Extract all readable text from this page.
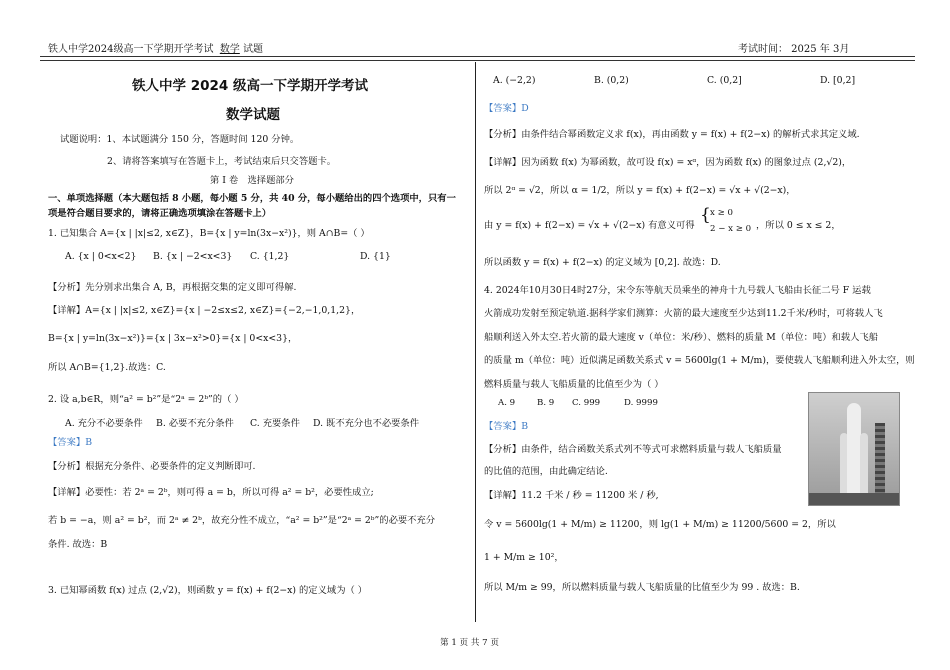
铁人中学2024级高一下学期开学考试 数学 试题	考试时间： 2025 年 3月
铁人中学 2024 级高一下学期开学考试
数学试题
试题说明：1、本试题满分 150 分，答题时间 120 分钟。
2、请将答案填写在答题卡上，考试结束后只交答题卡。
第 Ⅰ 卷　选择题部分
一、单项选择题（本大题包括 8 小题，每小题 5 分，共 40 分，每小题给出的四个选项中，只有一
项是符合题目要求的，请将正确选项填涂在答题卡上）
1. 已知集合 A={x | |x|≤2, x∈Z}，B={x | y=ln(3x−x²)}，则 A∩B=（ ）
A. {x | 0<x<2} B. {x | −2<x<3} C. {1,2}	D. {1}
【分析】先分别求出集合 A, B，再根据交集的定义即可得解.
【详解】A={x | |x|≤2, x∈Z}={x | −2≤x≤2, x∈Z}={−2,−1,0,1,2}，
B={x | y=ln(3x−x²)}={x | 3x−x²>0}={x | 0<x<3}，
所以 A∩B={1,2}.故选：C.
2. 设 a,b∈R，则“a² = b²”是“2ᵃ = 2ᵇ”的（ ）
A. 充分不必要条件 B. 必要不充分条件 C. 充要条件 D. 既不充分也不必要条件
【答案】B
【分析】根据充分条件、必要条件的定义判断即可.
【详解】必要性：若 2ᵃ = 2ᵇ，则可得 a = b，所以可得 a² = b²，必要性成立;
若 b = −a，则 a² = b²，而 2ᵃ ≠ 2ᵇ，故充分性不成立，“a² = b²”是“2ᵃ = 2ᵇ”的必要不充分
条件. 故选：B
3. 已知幂函数 f(x) 过点 (2,√2)，则函数 y = f(x) + f(2−x) 的定义域为（ ）
A. (−2,2)	B. (0,2)	C. (0,2]	D. [0,2]
【答案】D
【分析】由条件结合幂函数定义求 f(x)，再由函数 y = f(x) + f(2−x) 的解析式求其定义域.
【详解】因为函数 f(x) 为幂函数，故可设 f(x) = xᵅ，因为函数 f(x) 的图象过点 (2,√2)，
所以 2ᵅ = √2，所以 α = 1/2，所以 y = f(x) + f(2−x) = √x + √(2−x)，
由 y = f(x) + f(2−x) = √x + √(2−x) 有意义可得
{ x ≥ 0
2 − x ≥ 0 ，所以 0 ≤ x ≤ 2，
所以函数 y = f(x) + f(2−x) 的定义域为 [0,2]. 故选：D.
4. 2024年10月30日4时27分，宋令东等航天员乘坐的神舟十九号载人飞船由长征二号 F 运载
火箭成功发射至预定轨道.据科学家们测算：火箭的最大速度至少达到11.2千米/秒时，可将载人飞
船顺利送入外太空.若火箭的最大速度 v（单位：米/秒）、燃料的质量 M（单位：吨）和载人飞船
的质量 m（单位：吨）近似满足函数关系式 v = 5600lg(1 + M/m)，要使载人飞船顺利进入外太空，则
燃料质量与载人飞船质量的比值至少为（ ）
A. 9	B. 9 C. 999	D. 9999
【答案】B
【分析】由条件，结合函数关系式列不等式可求燃料质量与载人飞船质量
的比值的范围，由此确定结论.
【详解】11.2 千米 / 秒 = 11200 米 / 秒,
令 v = 5600lg(1 + M/m) ≥ 11200，则 lg(1 + M/m) ≥ 11200/5600 = 2，所以
1 + M/m ≥ 10²，
所以 M/m ≥ 99，所以燃料质量与载人飞船质量的比值至少为 99 . 故选：B.
第 1 页 共 7 页
